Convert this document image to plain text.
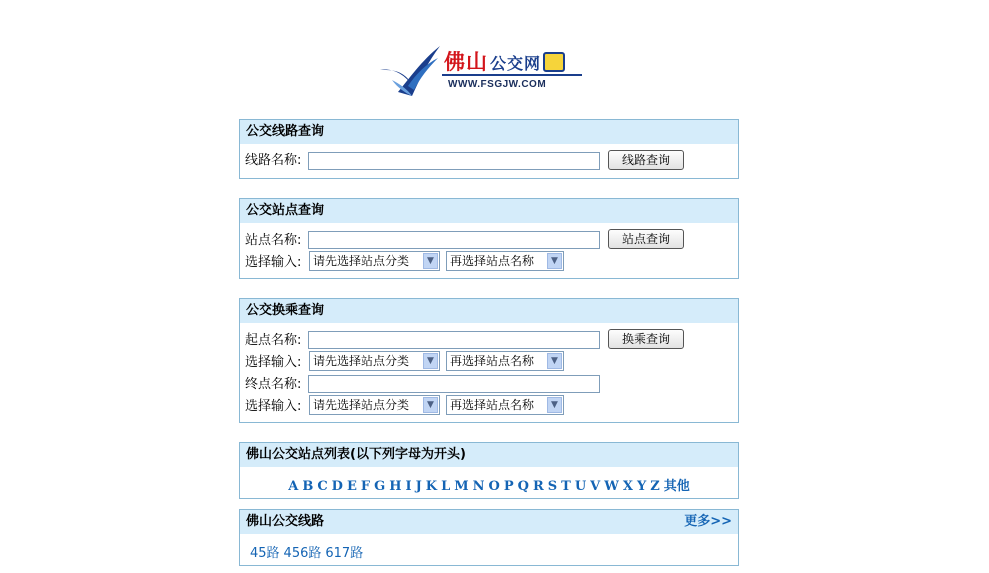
佛山 公交网
WWW.FSGJW.COM
公交线路查询
线路名称:	线路查询
公交站点查询
站点名称:	站点查询
选择输入: 请先选择站点分类	▼	再选择站点名称	▼
公交换乘查询
起点名称:	换乘查询
选择输入: 请先选择站点分类	▼	再选择站点名称	▼
终点名称:
选择输入: 请先选择站点分类	▼	再选择站点名称	▼
佛山公交站点列表(以下列字母为开头)
A B C D E F G H I J K L M N O P Q R S T U V W X Y Z 其他
佛山公交线路	更多>>
45路 456路 617路
